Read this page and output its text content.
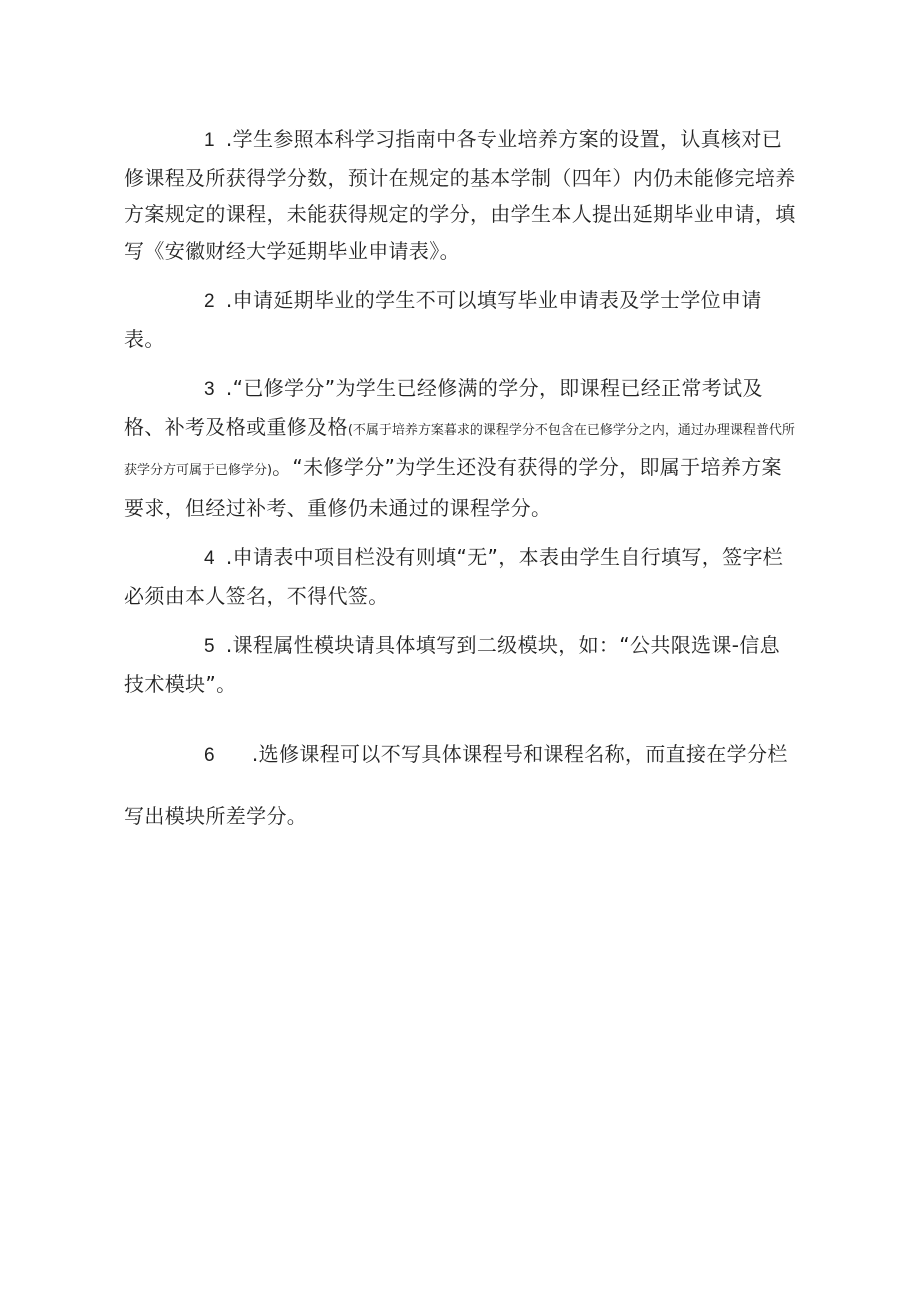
1 .学生参照本科学习指南中各专业培养方案的设置，认真核对已修课程及所获得学分数，预计在规定的基本学制（四年）内仍未能修完培养方案规定的课程，未能获得规定的学分，由学生本人提出延期毕业申请，填写《安徽财经大学延期毕业申请表》。

2 .申请延期毕业的学生不可以填写毕业申请表及学士学位申请表。

3 .“已修学分”为学生已经修满的学分，即课程已经正常考试及格、补考及格或重修及格(不属于培养方案暮求的课程学分不包含在已修学分之内，通过办理课程普代所获学分方可属于已修学分)。“未修学分”为学生还没有获得的学分，即属于培养方案要求，但经过补考、重修仍未通过的课程学分。

4 .申请表中项目栏没有则填“无”，本表由学生自行填写，签字栏必须由本人签名，不得代签。

5 .课程属性模块请具体填写到二级模块，如：“公共限选课-信息技术模块”。

6 .选修课程可以不写具体课程号和课程名称，而直接在学分栏写出模块所差学分。
